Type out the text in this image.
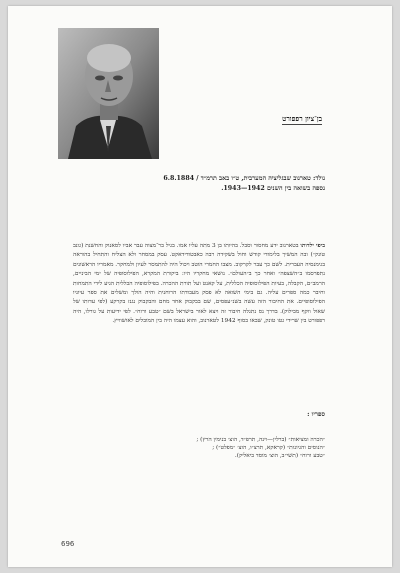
בן־ציון רפפורט
נולד: טארנוב שבגליציה המערבית, ט״ו באב תרמ״ד / 6.8.1884
נספה בשואה בין השנים 1942—1943.
ביפי ילדותו בטארנוב ידע מחסור וסבל. בהיותו בן 3 מתה עליו אמו. בגיל בר־מצוה עבר אביו לסאנוק והחשנת (גונב טונק״) ובה המשיך בלימודי קודש וחול בשקידה רבה כאבטודידאקט. עסק במסחר ולא הצליח והתחיל בהוראה בגימנסיה העברית. לשם כך עבר לקרקוב. מצבו החמרי הוטב ויכול היה להתמסר לעיון ולמחקר. מאמריו הראשונים נתפרסמו ב״השצפה״ ואחר כך ב״העולם״. נושאי מחקריו היו: ביקורת המקרא, הפילוסופיה של ימי הביניים, הרמב״ם, הקבלה, בעיות הפילוסופיה הכללית, על קאנט ועל תורת ההכרה. בפילוסופיה הכללית הגיע לידי התמחות וחיבר כמה ספרים עליה. גם בימי השואה לא פסק מעבודתו הרוחנית והיה הולך ומשלים את ספר עיוניו הפילוסופיים. את החיבור הזה עשה בשנ״עפסים, שם בבקבוק אחד מחם והבקבוק נגנז בקרקע (לפי עדותו של שאול ווקף מבילוק). בדרך נס נתגלה חיבור זה ויצא לאור בישראל בשם ״טבע ורוח״. לפי ידיעות על גורלו, היה רפפורט בין שרידי גטו טונק, שבאו בסוף 1942 לטארנוב, והוא עצמו היה בין המובלים לאושוויץ.
ספריו :
״הכרה ומציאות״ (ברלין—וינה, תרפ״ד, הוצ׳ בנימין הרץ) ;
״הנוסים והגיונות״ (קראקא, תרצ״ו, הוצ׳ ״מפלט״) ;
״טבע ורוח״ (תשי״ב, הוצ׳ מוסד ביאליק).
696
